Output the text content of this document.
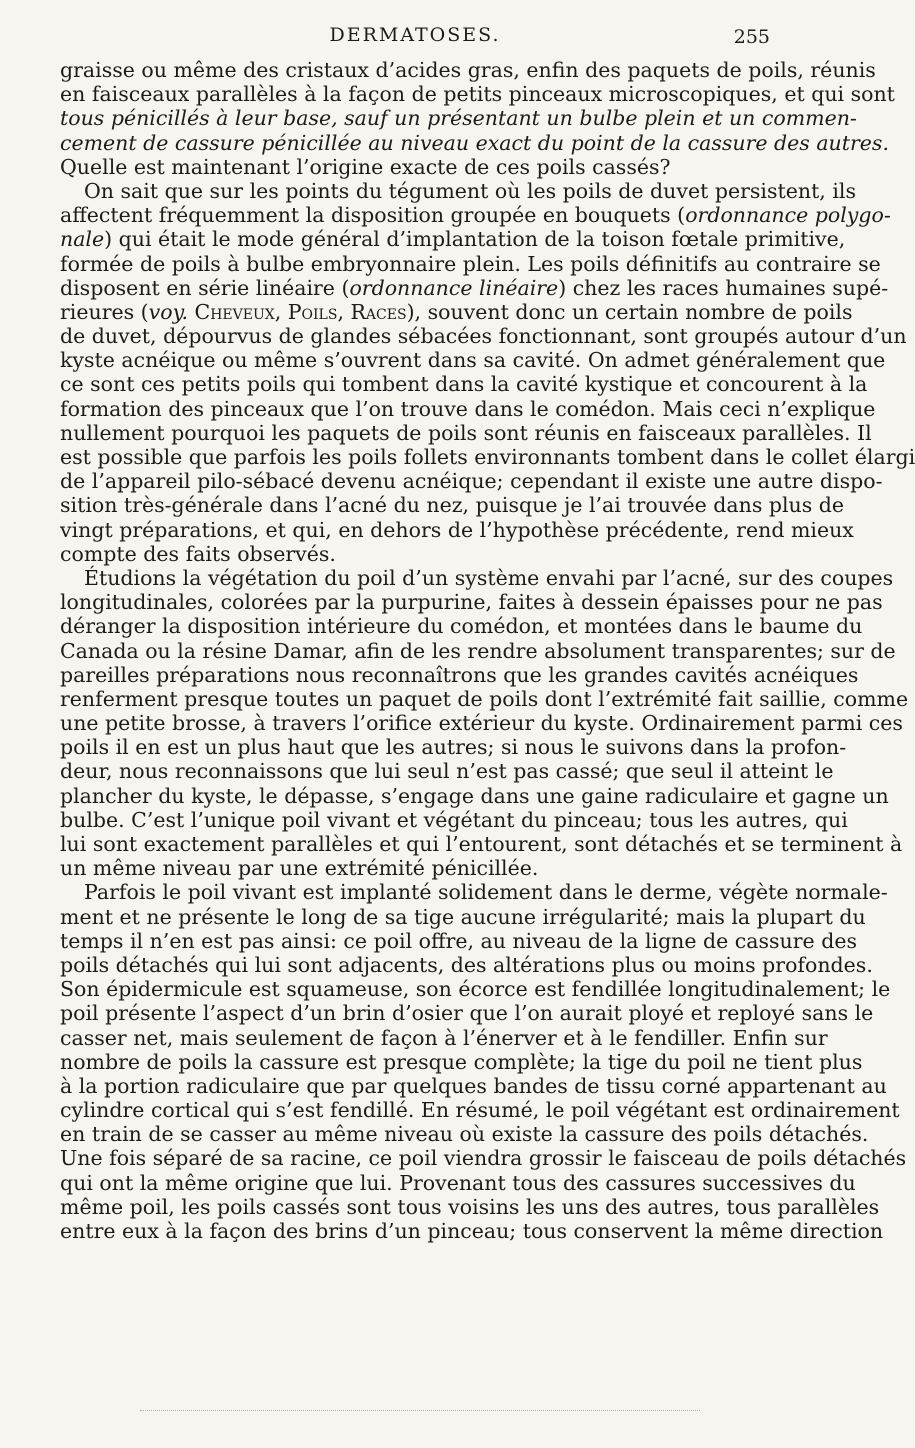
DERMATOSES.	255
graisse ou même des cristaux d’acides gras, enfin des paquets de poils, réunis
en faisceaux parallèles à la façon de petits pinceaux microscopiques, et qui sont
tous pénicillés à leur base, sauf un présentant un bulbe plein et un commen-
cement de cassure pénicillée au niveau exact du point de la cassure des autres.
Quelle est maintenant l’origine exacte de ces poils cassés?
On sait que sur les points du tégument où les poils de duvet persistent, ils
affectent fréquemment la disposition groupée en bouquets (ordonnance polygo-
nale) qui était le mode général d’implantation de la toison fœtale primitive,
formée de poils à bulbe embryonnaire plein. Les poils définitifs au contraire se
disposent en série linéaire (ordonnance linéaire) chez les races humaines supé-
rieures (voy. Cheveux, Poils, Races), souvent donc un certain nombre de poils
de duvet, dépourvus de glandes sébacées fonctionnant, sont groupés autour d’un
kyste acnéique ou même s’ouvrent dans sa cavité. On admet généralement que
ce sont ces petits poils qui tombent dans la cavité kystique et concourent à la
formation des pinceaux que l’on trouve dans le comédon. Mais ceci n’explique
nullement pourquoi les paquets de poils sont réunis en faisceaux parallèles. Il
est possible que parfois les poils follets environnants tombent dans le collet élargi
de l’appareil pilo-sébacé devenu acnéique; cependant il existe une autre dispo-
sition très-générale dans l’acné du nez, puisque je l’ai trouvée dans plus de
vingt préparations, et qui, en dehors de l’hypothèse précédente, rend mieux
compte des faits observés.
Étudions la végétation du poil d’un système envahi par l’acné, sur des coupes
longitudinales, colorées par la purpurine, faites à dessein épaisses pour ne pas
déranger la disposition intérieure du comédon, et montées dans le baume du
Canada ou la résine Damar, afin de les rendre absolument transparentes; sur de
pareilles préparations nous reconnaîtrons que les grandes cavités acnéiques
renferment presque toutes un paquet de poils dont l’extrémité fait saillie, comme
une petite brosse, à travers l’orifice extérieur du kyste. Ordinairement parmi ces
poils il en est un plus haut que les autres; si nous le suivons dans la profon-
deur, nous reconnaissons que lui seul n’est pas cassé; que seul il atteint le
plancher du kyste, le dépasse, s’engage dans une gaine radiculaire et gagne un
bulbe. C’est l’unique poil vivant et végétant du pinceau; tous les autres, qui
lui sont exactement parallèles et qui l’entourent, sont détachés et se terminent à
un même niveau par une extrémité pénicillée.
Parfois le poil vivant est implanté solidement dans le derme, végète normale-
ment et ne présente le long de sa tige aucune irrégularité; mais la plupart du
temps il n’en est pas ainsi: ce poil offre, au niveau de la ligne de cassure des
poils détachés qui lui sont adjacents, des altérations plus ou moins profondes.
Son épidermicule est squameuse, son écorce est fendillée longitudinalement; le
poil présente l’aspect d’un brin d’osier que l’on aurait ployé et reployé sans le
casser net, mais seulement de façon à l’énerver et à le fendiller. Enfin sur
nombre de poils la cassure est presque complète; la tige du poil ne tient plus
à la portion radiculaire que par quelques bandes de tissu corné appartenant au
cylindre cortical qui s’est fendillé. En résumé, le poil végétant est ordinairement
en train de se casser au même niveau où existe la cassure des poils détachés.
Une fois séparé de sa racine, ce poil viendra grossir le faisceau de poils détachés
qui ont la même origine que lui. Provenant tous des cassures successives du
même poil, les poils cassés sont tous voisins les uns des autres, tous parallèles
entre eux à la façon des brins d’un pinceau; tous conservent la même direction
